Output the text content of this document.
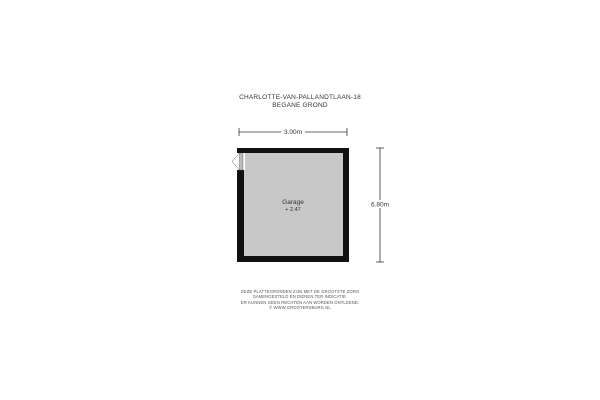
CHARLOTTE-VAN-PALLANDTLAAN-18
BEGANE GROND
3.00m
6.80m
Garage
+ 2.47
DEZE PLATTEGRONDEN ZIJN MET DE GROOTSTE ZORG
SAMENGESTELD EN DIENEN TER INDICATIE.
ER KUNNEN GEEN RECHTEN AAN WORDEN ONTLEEND.
© WWW.GROOTERSBURG.NL
